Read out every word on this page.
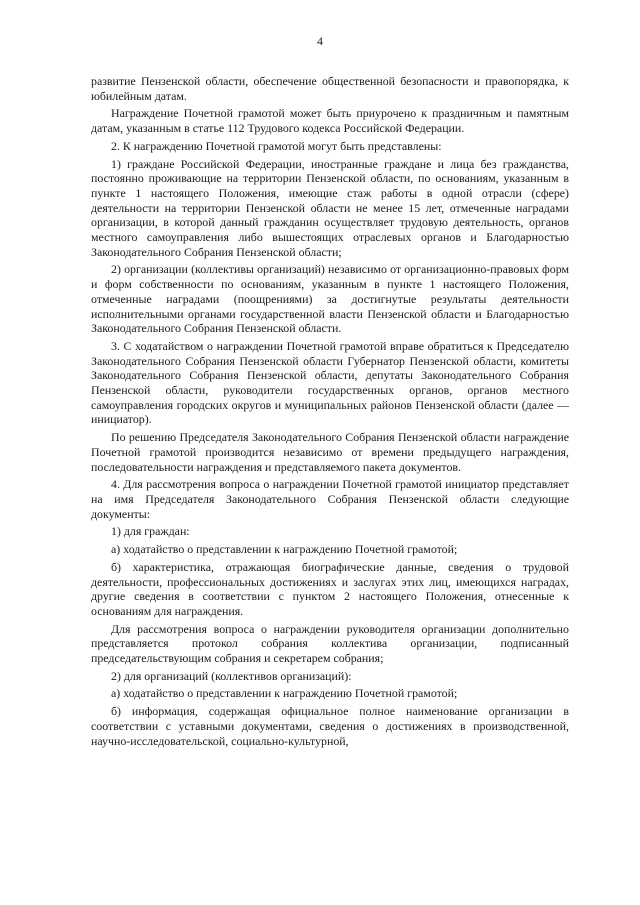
4

развитие Пензенской области, обеспечение общественной безопасности и правопорядка, к юбилейным датам.

Награждение Почетной грамотой может быть приурочено к праздничным и памятным датам, указанным в статье 112 Трудового кодекса Российской Федерации.

2. К награждению Почетной грамотой могут быть представлены:

1) граждане Российской Федерации, иностранные граждане и лица без гражданства, постоянно проживающие на территории Пензенской области, по основаниям, указанным в пункте 1 настоящего Положения, имеющие стаж работы в одной отрасли (сфере) деятельности на территории Пензенской области не менее 15 лет, отмеченные наградами организации, в которой данный гражданин осуществляет трудовую деятельность, органов местного самоуправления либо вышестоящих отраслевых органов и Благодарностью Законодательного Собрания Пензенской области;

2) организации (коллективы организаций) независимо от организационно-правовых форм и форм собственности по основаниям, указанным в пункте 1 настоящего Положения, отмеченные наградами (поощрениями) за достигнутые результаты деятельности исполнительными органами государственной власти Пензенской области и Благодарностью Законодательного Собрания Пензенской области.

3. С ходатайством о награждении Почетной грамотой вправе обратиться к Председателю Законодательного Собрания Пензенской области Губернатор Пензенской области, комитеты Законодательного Собрания Пензенской области, депутаты Законодательного Собрания Пензенской области, руководители государственных органов, органов местного самоуправления городских округов и муниципальных районов Пензенской области (далее — инициатор).

По решению Председателя Законодательного Собрания Пензенской области награждение Почетной грамотой производится независимо от времени предыдущего награждения, последовательности награждения и представляемого пакета документов.

4. Для рассмотрения вопроса о награждении Почетной грамотой инициатор представляет на имя Председателя Законодательного Собрания Пензенской области следующие документы:

1) для граждан:

а) ходатайство о представлении к награждению Почетной грамотой;

б) характеристика, отражающая биографические данные, сведения о трудовой деятельности, профессиональных достижениях и заслугах этих лиц, имеющихся наградах, другие сведения в соответствии с пунктом 2 настоящего Положения, отнесенные к основаниям для награждения.

Для рассмотрения вопроса о награждении руководителя организации дополнительно представляется протокол собрания коллектива организации, подписанный председательствующим собрания и секретарем собрания;

2) для организаций (коллективов организаций):

а) ходатайство о представлении к награждению Почетной грамотой;

б) информация, содержащая официальное полное наименование организации в соответствии с уставными документами, сведения о достижениях в производственной, научно-исследовательской, социально-культурной,
